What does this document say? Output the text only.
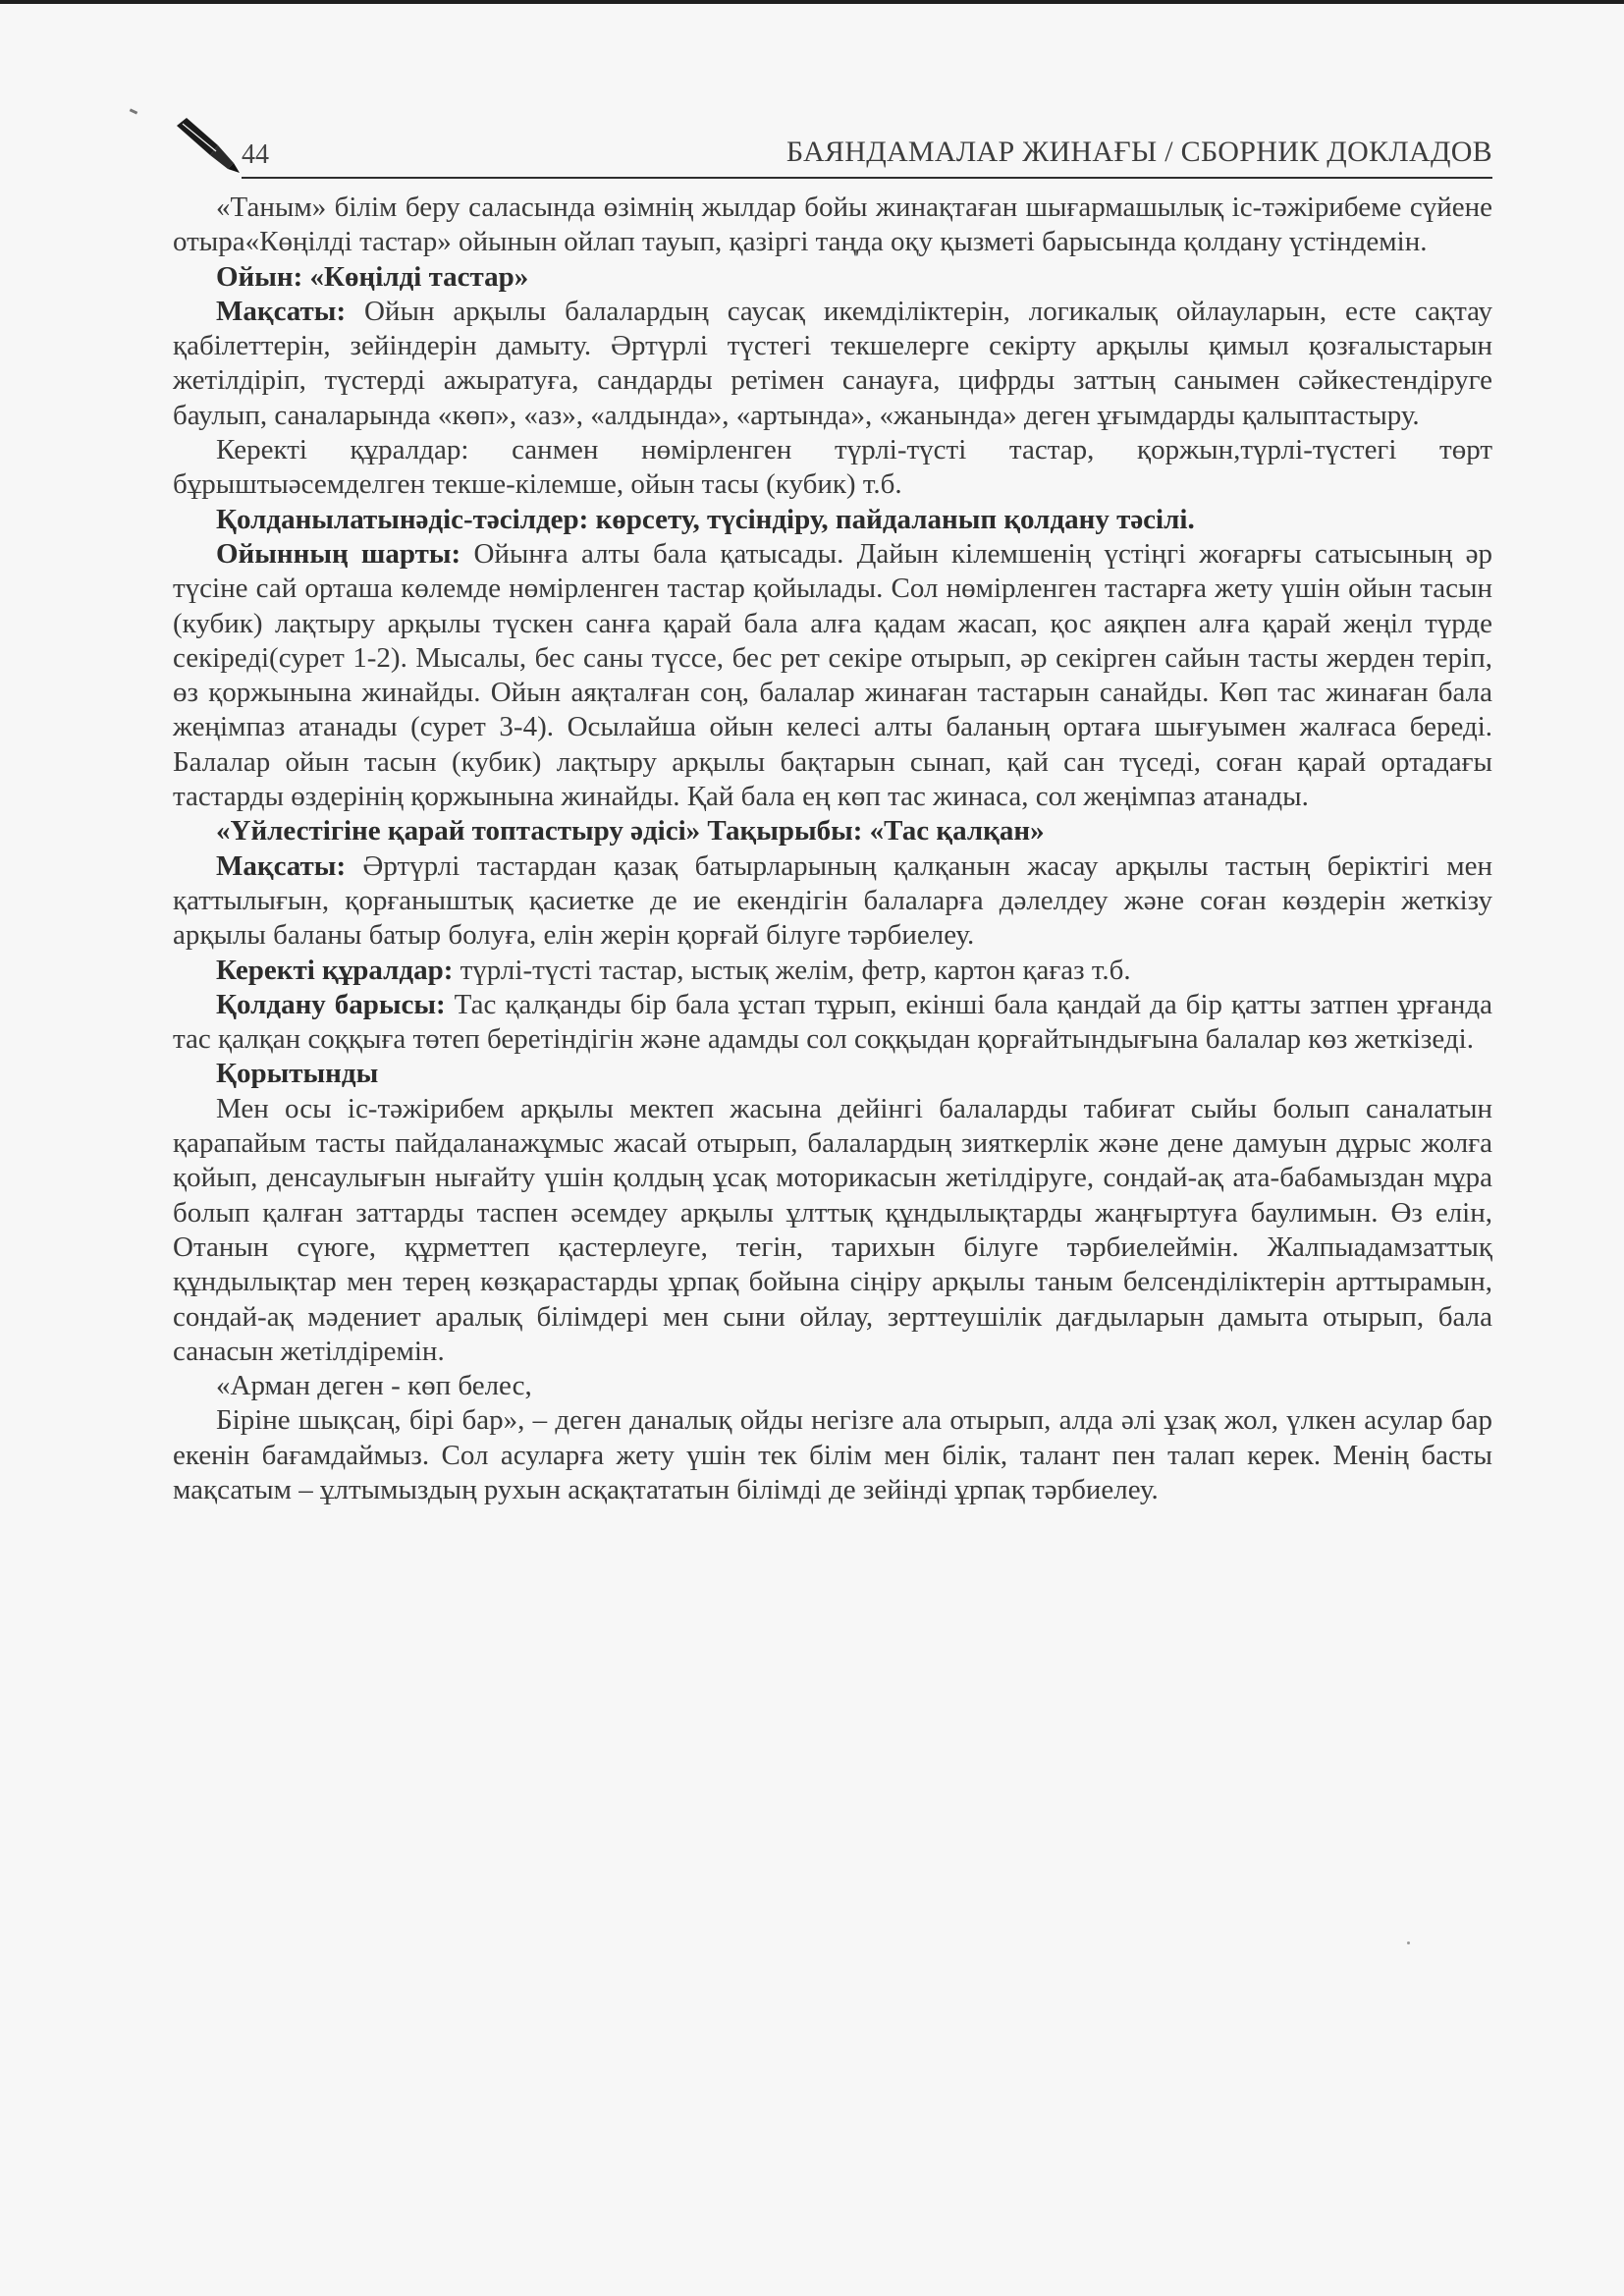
44	БАЯНДАМАЛАР ЖИНАҒЫ / СБОРНИК ДОКЛАДОВ

«Таным» білім беру саласында өзімнің жылдар бойы жинақтаған шығармашылық іс-тәжірибеме сүйене отыра«Көңілді тастар» ойынын ойлап тауып, қазіргі таңда оқу қызметі барысында қолдану үстіндемін.

Ойын: «Көңілді тастар»

Мақсаты: Ойын арқылы балалардың саусақ икемділіктерін, логикалық ойлауларын, есте сақтау қабілеттерін, зейіндерін дамыту. Әртүрлі түстегі текшелерге секірту арқылы қимыл қозғалыстарын жетілдіріп, түстерді ажыратуға, сандарды ретімен санауға, цифрды заттың санымен сәйкестендіруге баулып, саналарында «көп», «аз», «алдында», «артында», «жанында» деген ұғымдарды қалыптастыру.

Керекті құралдар: санмен нөмірленген түрлі-түсті тастар, қоржын,түрлі-түстегі төрт бұрыштыәсемделген текше-кілемше, ойын тасы (кубик) т.б.

Қолданылатынәдіс-тәсілдер: көрсету, түсіндіру, пайдаланып қолдану тәсілі.

Ойынның шарты: Ойынға алты бала қатысады. Дайын кілемшенің үстіңгі жоғарғы сатысының әр түсіне сай орташа көлемде нөмірленген тастар қойылады. Сол нөмірленген тастарға жету үшін ойын тасын (кубик) лақтыру арқылы түскен санға қарай бала алға қадам жасап, қос аяқпен алға қарай жеңіл түрде секіреді(сурет 1-2). Мысалы, бес саны түссе, бес рет секіре отырып, әр секірген сайын тасты жерден теріп, өз қоржынына жинайды. Ойын аяқталған соң, балалар жинаған тастарын санайды. Көп тас жинаған бала жеңімпаз атанады (сурет 3-4). Осылайша ойын келесі алты баланың ортаға шығуымен жалғаса береді. Балалар ойын тасын (кубик) лақтыру арқылы бақтарын сынап, қай сан түседі, соған қарай ортадағы тастарды өздерінің қоржынына жинайды. Қай бала ең көп тас жинаса, сол жеңімпаз атанады.

«Үйлестігіне қарай топтастыру әдісі» Тақырыбы: «Тас қалқан»

Мақсаты: Әртүрлі тастардан қазақ батырларының қалқанын жасау арқылы тастың беріктігі мен қаттылығын, қорғаныштық қасиетке де ие екендігін балаларға дәлелдеу және соған көздерін жеткізу арқылы баланы батыр болуға, елін жерін қорғай білуге тәрбиелеу.

Керекті құралдар: түрлі-түсті тастар, ыстық желім, фетр, картон қағаз т.б.

Қолдану барысы: Тас қалқанды бір бала ұстап тұрып, екінші бала қандай да бір қатты затпен ұрғанда тас қалқан соққыға төтеп беретіндігін және адамды сол соққыдан қорғайтындығына балалар көз жеткізеді.

Қорытынды

Мен осы іс-тәжірибем арқылы мектеп жасына дейінгі балаларды табиғат сыйы болып саналатын қарапайым тасты пайдаланажұмыс жасай отырып, балалардың зияткерлік және дене дамуын дұрыс жолға қойып, денсаулығын нығайту үшін қолдың ұсақ моторикасын жетілдіруге, сондай-ақ ата-бабамыздан мұра болып қалған заттарды таспен әсемдеу арқылы ұлттық құндылықтарды жаңғыртуға баулимын. Өз елін, Отанын сүюге, құрметтеп қастерлеуге, тегін, тарихын білуге тәрбиелеймін. Жалпыадамзаттық құндылықтар мен терең көзқарастарды ұрпақ бойына сіңіру арқылы таным белсенділіктерін арттырамын, сондай-ақ мәдениет аралық білімдері мен сыни ойлау, зерттеушілік дағдыларын дамыта отырып, бала санасын жетілдіремін.

«Арман деген - көп белес,

Біріне шықсаң, бірі бар», – деген даналық ойды негізге ала отырып, алда әлі ұзақ жол, үлкен асулар бар екенін бағамдаймыз. Сол асуларға жету үшін тек білім мен білік, талант пен талап керек. Менің басты мақсатым – ұлтымыздың рухын асқақтататын білімді де зейінді ұрпақ тәрбиелеу.
